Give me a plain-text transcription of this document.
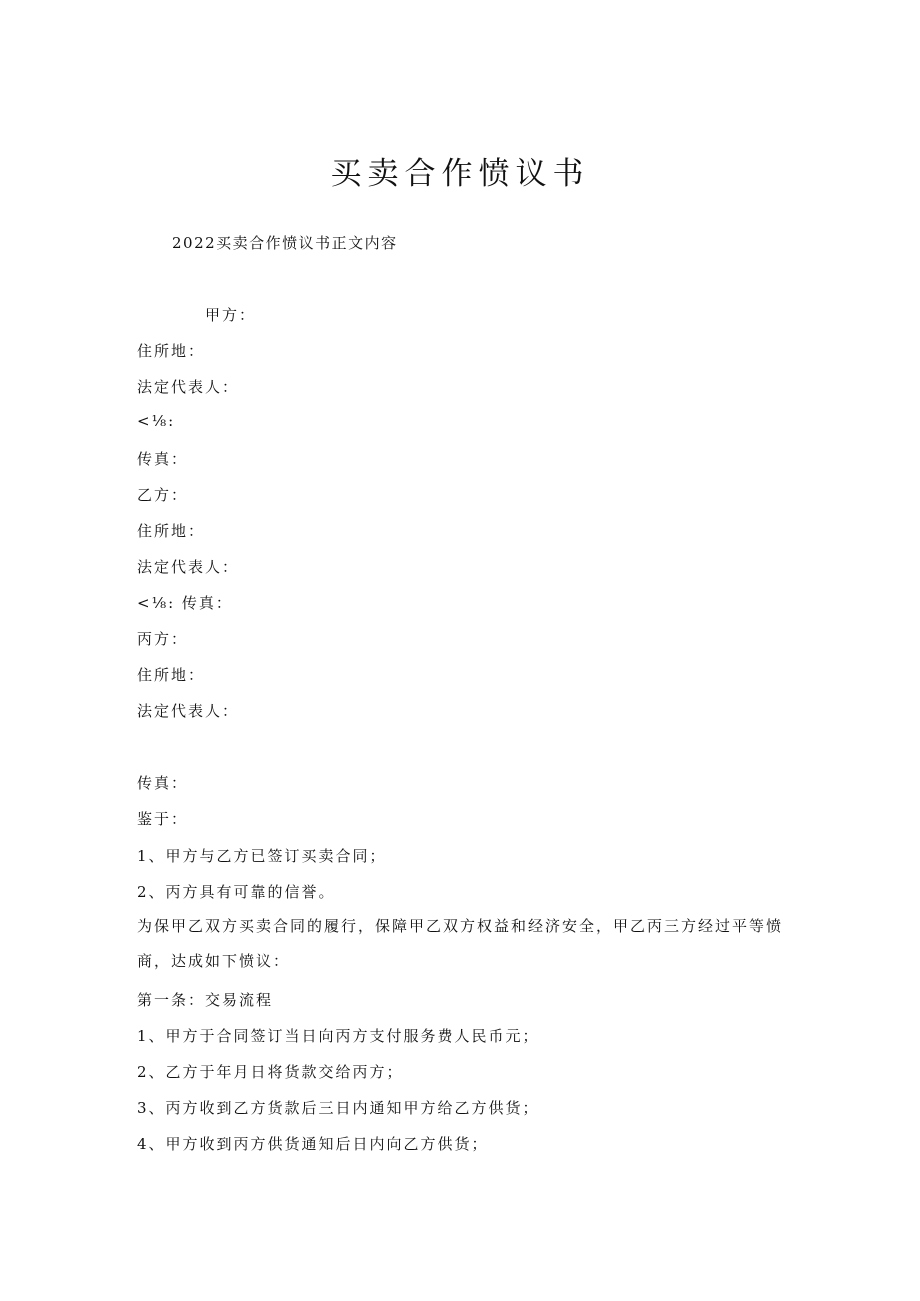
买卖合作愤议书

2022买卖合作愤议书正文内容

甲方：

住所地：

法定代表人：

<⅛:

传真：

乙方：

住所地：

法定代表人：

<⅛: 传真：

丙方：

住所地：

法定代表人：

传真：

鉴于：

1、甲方与乙方已签订买卖合同；

2、丙方具有可靠的信誉。

为保甲乙双方买卖合同的履行，保障甲乙双方权益和经济安全，甲乙丙三方经过平等愤商，达成如下愤议：

第一条：交易流程

1、甲方于合同签订当日向丙方支付服务费人民币元；

2、乙方于年月日将货款交给丙方；

3、丙方收到乙方货款后三日内通知甲方给乙方供货；

4、甲方收到丙方供货通知后日内向乙方供货；
